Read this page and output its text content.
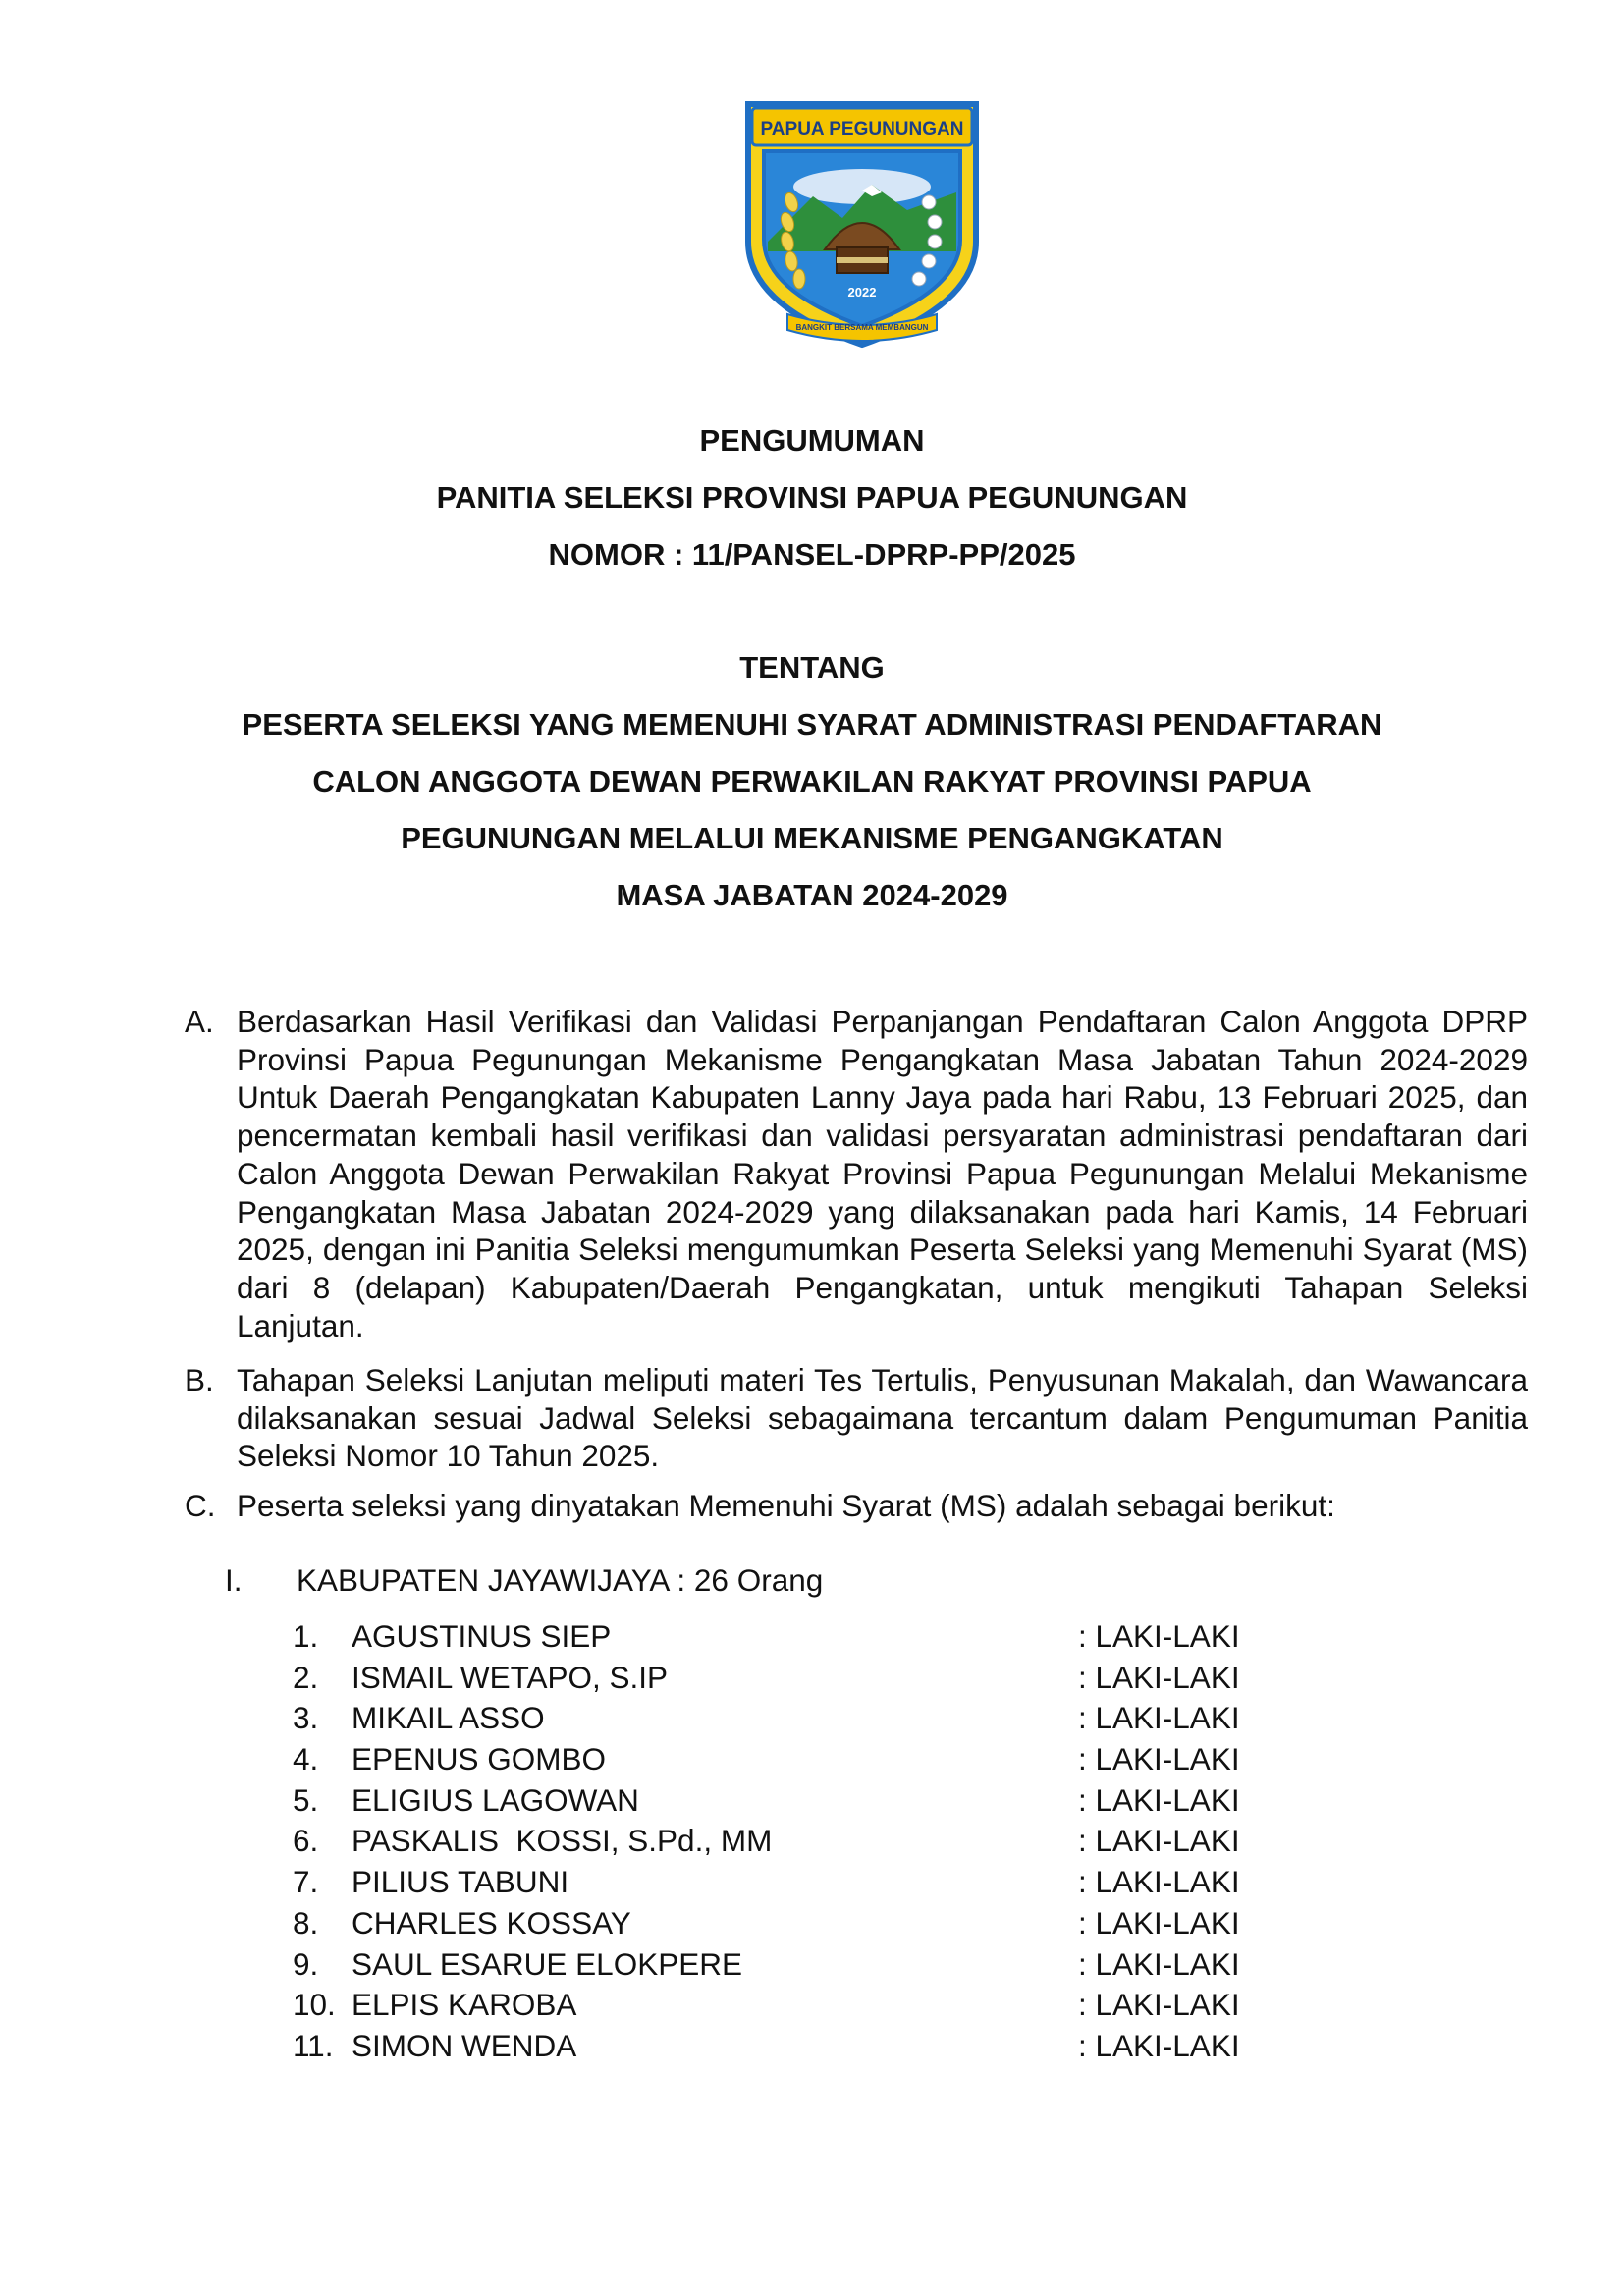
PAPUA PEGUNUNGAN
2022
BANGKIT BERSAMA MEMBANGUN
PENGUMUMAN
PANITIA SELEKSI PROVINSI PAPUA PEGUNUNGAN
NOMOR : 11/PANSEL-DPRP-PP/2025
TENTANG
PESERTA SELEKSI YANG MEMENUHI SYARAT ADMINISTRASI PENDAFTARAN
CALON ANGGOTA DEWAN PERWAKILAN RAKYAT PROVINSI PAPUA
PEGUNUNGAN MELALUI MEKANISME PENGANGKATAN
MASA JABATAN 2024-2029
A. Berdasarkan Hasil Verifikasi dan Validasi Perpanjangan Pendaftaran Calon Anggota DPRP Provinsi Papua Pegunungan Mekanisme Pengangkatan Masa Jabatan Tahun 2024-2029 Untuk Daerah Pengangkatan Kabupaten Lanny Jaya pada hari Rabu, 13 Februari 2025, dan pencermatan kembali hasil verifikasi dan validasi persyaratan administrasi pendaftaran dari Calon Anggota Dewan Perwakilan Rakyat Provinsi Papua Pegunungan Melalui Mekanisme Pengangkatan Masa Jabatan 2024-2029 yang dilaksanakan pada hari Kamis, 14 Februari 2025, dengan ini Panitia Seleksi mengumumkan Peserta Seleksi yang Memenuhi Syarat (MS) dari 8 (delapan) Kabupaten/Daerah Pengangkatan, untuk mengikuti Tahapan Seleksi Lanjutan.
B. Tahapan Seleksi Lanjutan meliputi materi Tes Tertulis, Penyusunan Makalah, dan Wawancara dilaksanakan sesuai Jadwal Seleksi sebagaimana tercantum dalam Pengumuman Panitia Seleksi Nomor 10 Tahun 2025.
C. Peserta seleksi yang dinyatakan Memenuhi Syarat (MS) adalah sebagai berikut:
I.	KABUPATEN JAYAWIJAYA : 26 Orang
1.	AGUSTINUS SIEP	: LAKI-LAKI
2.	ISMAIL WETAPO, S.IP	: LAKI-LAKI
3.	MIKAIL ASSO	: LAKI-LAKI
4.	EPENUS GOMBO	: LAKI-LAKI
5.	ELIGIUS LAGOWAN	: LAKI-LAKI
6.	PASKALIS  KOSSI, S.Pd., MM	: LAKI-LAKI
7.	PILIUS TABUNI	: LAKI-LAKI
8.	CHARLES KOSSAY	: LAKI-LAKI
9.	SAUL ESARUE ELOKPERE	: LAKI-LAKI
10. ELPIS KAROBA	: LAKI-LAKI
11. SIMON WENDA	: LAKI-LAKI
